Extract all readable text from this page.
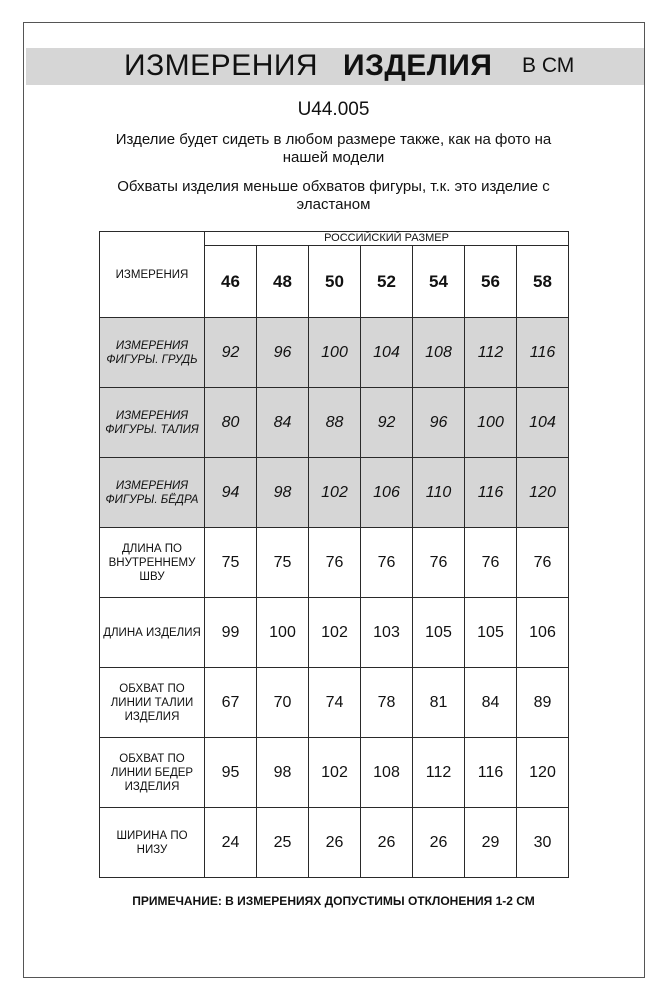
ИЗМЕРЕНИЯ ИЗДЕЛИЯ В СМ
U44.005
Изделие будет сидеть в любом размере также, как на фото на
нашей модели
Обхваты изделия меньше обхватов фигуры, т.к. это изделие с
эластаном
ИЗМЕРЕНИЯ	РОССИЙСКИЙ РАЗМЕР						
	46	48	50	52	54	56	58

ИЗМЕРЕНИЯ
ФИГУРЫ. ГРУДЬ	92	96	100	104	108	112	116

ИЗМЕРЕНИЯ
ФИГУРЫ. ТАЛИЯ	80	84	88	92	96	100	104

ИЗМЕРЕНИЯ
ФИГУРЫ. БЁДРА	94	98	102	106	110	116	120

ДЛИНА ПО
ВНУТРЕННЕМУ
ШВУ	75	75	76	76	76	76	76

ДЛИНА ИЗДЕЛИЯ	99	100	102	103	105	105	106

ОБХВАТ ПО
ЛИНИИ ТАЛИИ
ИЗДЕЛИЯ	67	70	74	78	81	84	89

ОБХВАТ ПО
ЛИНИИ БЕДЕР
ИЗДЕЛИЯ	95	98	102	108	112	116	120

ШИРИНА ПО
НИЗУ	24	25	26	26	26	29	30
ПРИМЕЧАНИЕ: В ИЗМЕРЕНИЯХ ДОПУСТИМЫ ОТКЛОНЕНИЯ 1-2 СМ
